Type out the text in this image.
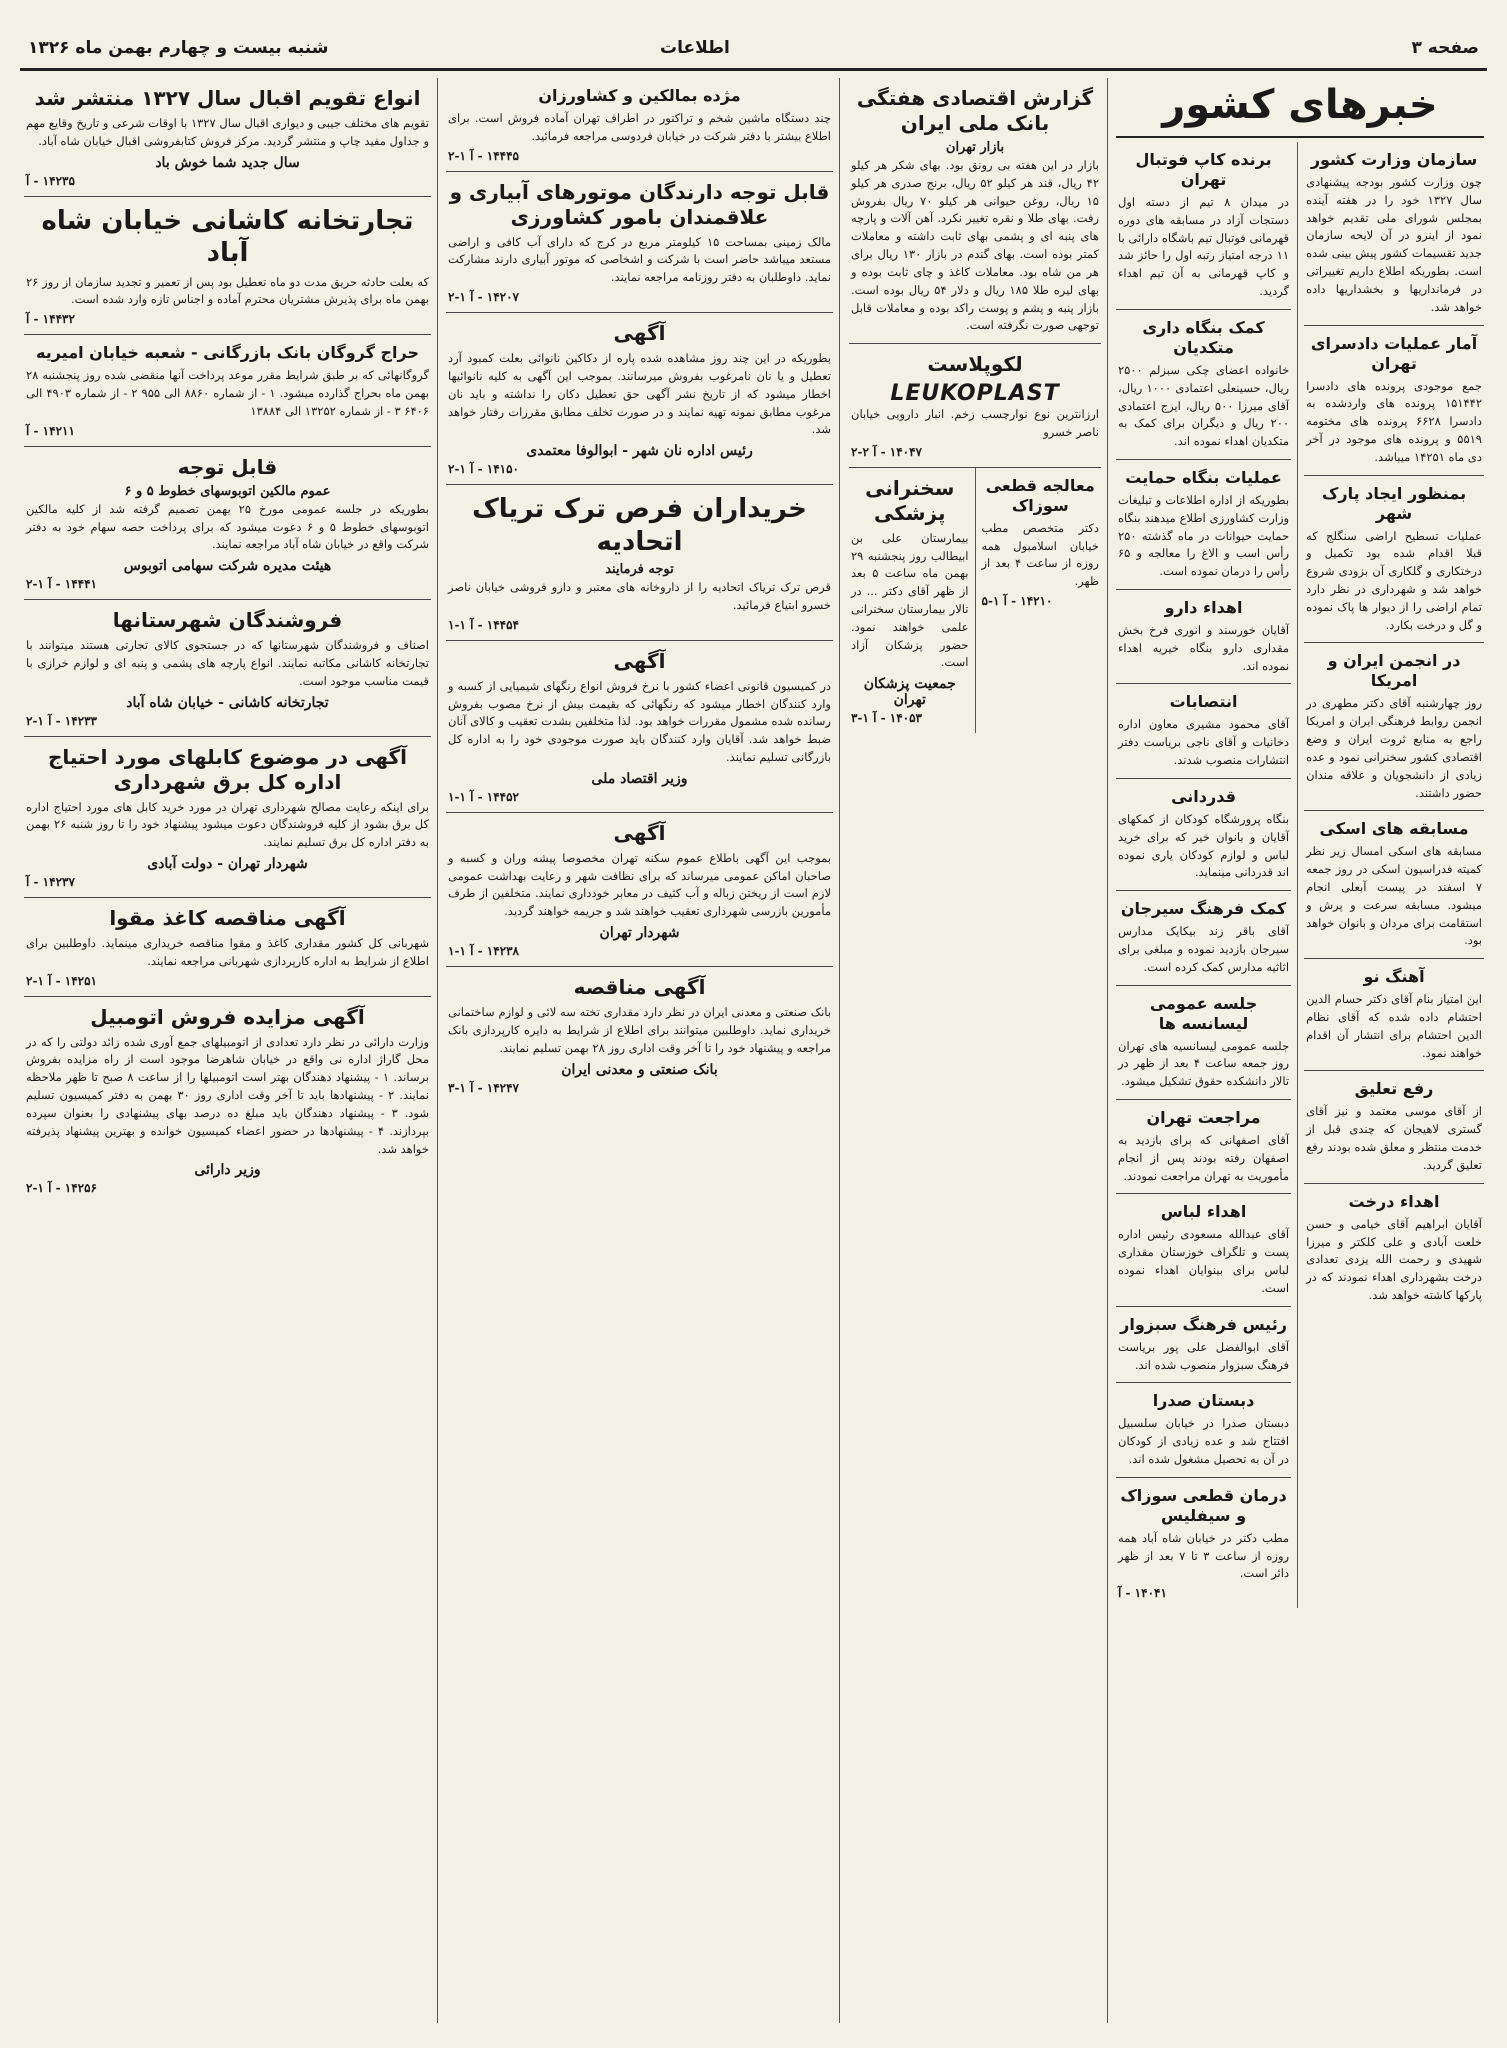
صفحه ۳
اطلاعات
شنبه بیست و چهارم بهمن ماه ۱۳۲۶
خبرهای کشور
سازمان وزارت کشور
چون وزارت کشور بودجه پیشنهادی سال ۱۳۲۷ خود را در هفته آینده بمجلس شورای ملی تقدیم خواهد نمود از اینرو در آن لایحه سازمان جدید تقسیمات کشور پیش بینی شده است. بطوریکه اطلاع داریم تغییراتی در فرمانداریها و بخشداریها داده خواهد شد.
آمار عملیات دادسرای تهران
جمع موجودی پرونده های دادسرا ۱۵۱۴۴۲ پرونده های واردشده به دادسرا ۶۶۲۸ پرونده های مختومه ۵۵۱۹ و پرونده های موجود در آخر دی ماه ۱۴۲۵۱ میباشد.
بمنظور ایجاد پارک شهر
عملیات تسطیح اراضی سنگلج که قبلا اقدام شده بود تکمیل و درختکاری و گلکاری آن بزودی شروع خواهد شد و شهرداری در نظر دارد تمام اراضی را از دیوار ها پاک نموده و گل و درخت بکارد.
در انجمن ایران و امریکا
روز چهارشنبه آقای دکتر مطهری در انجمن روابط فرهنگی ایران و امریکا راجع به منابع ثروت ایران و وضع اقتصادی کشور سخنرانی نمود و عده زیادی از دانشجویان و علاقه مندان حضور داشتند.
مسابقه های اسکی
مسابقه های اسکی امسال زیر نظر کمیته فدراسیون اسکی در روز جمعه ۷ اسفند در پیست آبعلی انجام میشود. مسابقه سرعت و پرش و استقامت برای مردان و بانوان خواهد بود.
آهنگ نو
این امتیاز بنام آقای دکتر حسام الدین احتشام داده شده که آقای نظام الدین احتشام برای انتشار آن اقدام خواهند نمود.
رفع تعلیق
از آقای موسی معتمد و نیز آقای گستری لاهیجان که چندی قبل از خدمت منتظر و معلق شده بودند رفع تعلیق گردید.
اهداء درخت
آقایان ابراهیم آقای خیامی و حسن خلعت آبادی و علی کلکتر و میرزا شهیدی و رحمت الله یزدی تعدادی درخت بشهرداری اهداء نمودند که در پارکها کاشته خواهد شد.
برنده کاپ فوتبال تهران
در میدان ۸ تیم از دسته اول دستجات آزاد در مسابقه های دوره قهرمانی فوتبال تیم باشگاه دارائی با ۱۱ درجه امتیاز رتبه اول را حائز شد و کاپ قهرمانی به آن تیم اهداء گردید.
کمک بنگاه داری متکدیان
خانواده اعضای چکی سبزلم ۲۵۰۰ ریال، حسینعلی اعتمادی ۱۰۰۰ ریال، آقای میرزا ۵۰۰ ریال، ایرج اعتمادی ۲۰۰ ریال و دیگران برای کمک به متکدیان اهداء نموده اند.
عملیات بنگاه حمایت
بطوریکه از اداره اطلاعات و تبلیغات وزارت کشاورزی اطلاع میدهند بنگاه حمایت حیوانات در ماه گذشته ۲۵۰ رأس اسب و الاغ را معالجه و ۶۵ رأس را درمان نموده است.
اهداء دارو
آقایان خورسند و انوری فرخ بخش مقداری دارو بنگاه خیریه اهداء نموده اند.
انتصابات
آقای محمود مشیری معاون اداره دخانیات و آقای ناجی بریاست دفتر انتشارات منصوب شدند.
قدردانی
بنگاه پرورشگاه کودکان از کمکهای آقایان و بانوان خیر که برای خرید لباس و لوازم کودکان یاری نموده اند قدردانی مینماید.
کمک فرهنگ سیرجان
آقای باقر زند بیکایک مدارس سیرجان بازدید نموده و مبلغی برای اثاثیه مدارس کمک کرده است.
جلسه عمومی لیسانسه ها
جلسه عمومی لیسانسیه های تهران روز جمعه ساعت ۴ بعد از ظهر در تالار دانشکده حقوق تشکیل میشود.
مراجعت تهران
آقای اصفهانی که برای بازدید به اصفهان رفته بودند پس از انجام مأموریت به تهران مراجعت نمودند.
اهداء لباس
آقای عبدالله مسعودی رئیس اداره پست و تلگراف خوزستان مقداری لباس برای بینوایان اهداء نموده است.
رئیس فرهنگ سبزوار
آقای ابوالفضل علی پور بریاست فرهنگ سبزوار منصوب شده اند.
دبستان صدرا
دبستان صدرا در خیابان سلسبیل افتتاح شد و عده زیادی از کودکان در آن به تحصیل مشغول شده اند.
درمان قطعی سوزاک و سیفلیس
مطب دکتر در خیابان شاه آباد همه روزه از ساعت ۳ تا ۷ بعد از ظهر دائر است.
۱۴۰۴۱ - آ
گزارش اقتصادی هفتگی بانک ملی ایران
بازار تهران
بازار در این هفته بی رونق بود. بهای شکر هر کیلو ۴۲ ریال، قند هر کیلو ۵۲ ریال، برنج صدری هر کیلو ۱۵ ریال، روغن حیوانی هر کیلو ۷۰ ریال بفروش رفت. بهای طلا و نقره تغییر نکرد. آهن آلات و پارچه های پنبه ای و پشمی بهای ثابت داشته و معاملات کمتر بوده است. بهای گندم در بازار ۱۳۰ ریال برای هر من شاه بود. معاملات کاغذ و چای ثابت بوده و بهای لیره طلا ۱۸۵ ریال و دلار ۵۴ ریال بوده است. بازار پنبه و پشم و پوست راکد بوده و معاملات قابل توجهی صورت نگرفته است.
لکوپلاست
LEUKOPLAST
ارزانترین نوع نوارچسب زخم. انبار دارویی خیابان ناصر خسرو
۱۴۰۴۷ - آ ۲-۲
معالجه قطعی سوزاک
دکتر متخصص مطب خیابان اسلامبول همه روزه از ساعت ۴ بعد از ظهر.
۱۴۲۱۰ - آ ۱-۵
سخنرانی پزشکی
بیمارستان علی بن ابیطالب روز پنجشنبه ۲۹ بهمن ماه ساعت ۵ بعد از ظهر آقای دکتر ... در تالار بیمارستان سخنرانی علمی خواهند نمود. حضور پزشکان آزاد است.
جمعیت پزشکان تهران
۱۴۰۵۳ - آ ۱-۳
مژده بمالکین و کشاورزان
چند دستگاه ماشین شخم و تراکتور در اطراف تهران آماده فروش است. برای اطلاع بیشتر با دفتر شرکت در خیابان فردوسی مراجعه فرمائید.
۱۴۴۴۵ - آ ۱-۲
قابل توجه دارندگان موتورهای آبیاری و علاقمندان بامور کشاورزی
مالک زمینی بمساحت ۱۵ کیلومتر مربع در کرج که دارای آب کافی و اراضی مستعد میباشد حاضر است با شرکت و اشخاصی که موتور آبیاری دارند مشارکت نماید. داوطلبان به دفتر روزنامه مراجعه نمایند.
۱۴۲۰۷ - آ ۱-۲
آگهی
بطوریکه در این چند روز مشاهده شده پاره از دکاکین نانوائی بعلت کمبود آرد تعطیل و یا نان نامرغوب بفروش میرسانند. بموجب این آگهی به کلیه نانوائیها اخطار میشود که از تاریخ نشر آگهی حق تعطیل دکان را نداشته و باید نان مرغوب مطابق نمونه تهیه نمایند و در صورت تخلف مطابق مقررات رفتار خواهد شد.
رئیس اداره نان شهر - ابوالوفا معتمدی
۱۴۱۵۰ - آ ۱-۲
خریداران فرص ترک تریاک اتحادیه
توجه فرمایند
قرص ترک تریاک اتحادیه را از داروخانه های معتبر و دارو فروشی خیابان ناصر خسرو ابتیاع فرمائید.
۱۴۴۵۴ - آ ۱-۱
آگهی
در کمیسیون قانونی اعضاء کشور با نرخ فروش انواع رنگهای شیمیایی از کسبه و وارد کنندگان اخطار میشود که رنگهائی که بقیمت بیش از نرخ مصوب بفروش رسانده شده مشمول مقررات خواهد بود. لذا متخلفین بشدت تعقیب و کالای آنان ضبط خواهد شد. آقایان وارد کنندگان باید صورت موجودی خود را به اداره کل بازرگانی تسلیم نمایند.
وزیر اقتصاد ملی
۱۴۴۵۲ - آ ۱-۱
آگهی
بموجب این آگهی باطلاع عموم سکنه تهران مخصوصا پیشه وران و کسبه و صاحبان اماکن عمومی میرساند که برای نظافت شهر و رعایت بهداشت عمومی لازم است از ریختن زباله و آب کثیف در معابر خودداری نمایند. متخلفین از طرف مأمورین بازرسی شهرداری تعقیب خواهند شد و جریمه خواهند گردید.
شهردار تهران
۱۴۲۳۸ - آ ۱-۱
آگهی مناقصه
بانک صنعتی و معدنی ایران در نظر دارد مقداری تخته سه لائی و لوازم ساختمانی خریداری نماید. داوطلبین میتوانند برای اطلاع از شرایط به دایره کارپردازی بانک مراجعه و پیشنهاد خود را تا آخر وقت اداری روز ۲۸ بهمن تسلیم نمایند.
بانک صنعتی و معدنی ایران
۱۴۲۴۷ - آ ۱-۳
انواع تقویم اقبال سال ۱۳۲۷ منتشر شد
تقویم های مختلف جیبی و دیواری اقبال سال ۱۳۲۷ با اوقات شرعی و تاریخ وقایع مهم و جداول مفید چاپ و منتشر گردید. مرکز فروش کتابفروشی اقبال خیابان شاه آباد.
سال جدید شما خوش باد
۱۴۲۳۵ - آ
تجارتخانه کاشانی خیابان شاه آباد
که بعلت حادثه حریق مدت دو ماه تعطیل بود پس از تعمیر و تجدید سازمان از روز ۲۶ بهمن ماه برای پذیرش مشتریان محترم آماده و اجناس تازه وارد شده است.
۱۴۴۳۲ - آ
حراج گروگان بانک بازرگانی - شعبه خیابان امیریه
گروگانهائی که بر طبق شرایط مقرر موعد پرداخت آنها منقضی شده روز پنجشنبه ۲۸ بهمن ماه بحراج گذارده میشود. ۱ - از شماره ۸۸۶۰ الی ۹۵۵ ۲ - از شماره ۴۹۰۳ الی ۶۴۰۶ ۳ - از شماره ۱۳۲۵۲ الی ۱۳۸۸۴
۱۴۲۱۱ - آ
قابل توجه
عموم مالکین اتوبوسهای خطوط ۵ و ۶
بطوریکه در جلسه عمومی مورخ ۲۵ بهمن تصمیم گرفته شد از کلیه مالکین اتوبوسهای خطوط ۵ و ۶ دعوت میشود که برای پرداخت حصه سهام خود به دفتر شرکت واقع در خیابان شاه آباد مراجعه نمایند.
هیئت مدیره شرکت سهامی اتوبوس
۱۴۴۴۱ - آ ۱-۲
فروشندگان شهرستانها
اصناف و فروشندگان شهرستانها که در جستجوی کالای تجارتی هستند میتوانند با تجارتخانه کاشانی مکاتبه نمایند. انواع پارچه های پشمی و پنبه ای و لوازم خرازی با قیمت مناسب موجود است.
تجارتخانه کاشانی - خیابان شاه آباد
۱۴۲۳۳ - آ ۱-۲
آگهی در موضوع کابلهای مورد احتیاج اداره کل برق شهرداری
برای اینکه رعایت مصالح شهرداری تهران در مورد خرید کابل های مورد احتیاج اداره کل برق بشود از کلیه فروشندگان دعوت میشود پیشنهاد خود را تا روز شنبه ۲۶ بهمن به دفتر اداره کل برق تسلیم نمایند.
شهردار تهران - دولت آبادی
۱۴۲۳۷ - آ
آگهی مناقصه کاغذ مقوا
شهربانی کل کشور مقداری کاغذ و مقوا مناقصه خریداری مینماید. داوطلبین برای اطلاع از شرایط به اداره کارپردازی شهربانی مراجعه نمایند.
۱۴۲۵۱ - آ ۱-۲
آگهی مزایده فروش اتومبیل
وزارت دارائی در نظر دارد تعدادی از اتومبیلهای جمع آوری شده زائد دولتی را که در محل گاراژ اداره نی واقع در خیابان شاهرضا موجود است از راه مزایده بفروش برساند. ۱ - پیشنهاد دهندگان بهتر است اتومبیلها را از ساعت ۸ صبح تا ظهر ملاحظه نمایند. ۲ - پیشنهادها باید تا آخر وقت اداری روز ۳۰ بهمن به دفتر کمیسیون تسلیم شود. ۳ - پیشنهاد دهندگان باید مبلغ ده درصد بهای پیشنهادی را بعنوان سپرده بپردازند. ۴ - پیشنهادها در حضور اعضاء کمیسیون خوانده و بهترین پیشنهاد پذیرفته خواهد شد.
وزیر دارائی
۱۴۲۵۶ - آ ۱-۲
